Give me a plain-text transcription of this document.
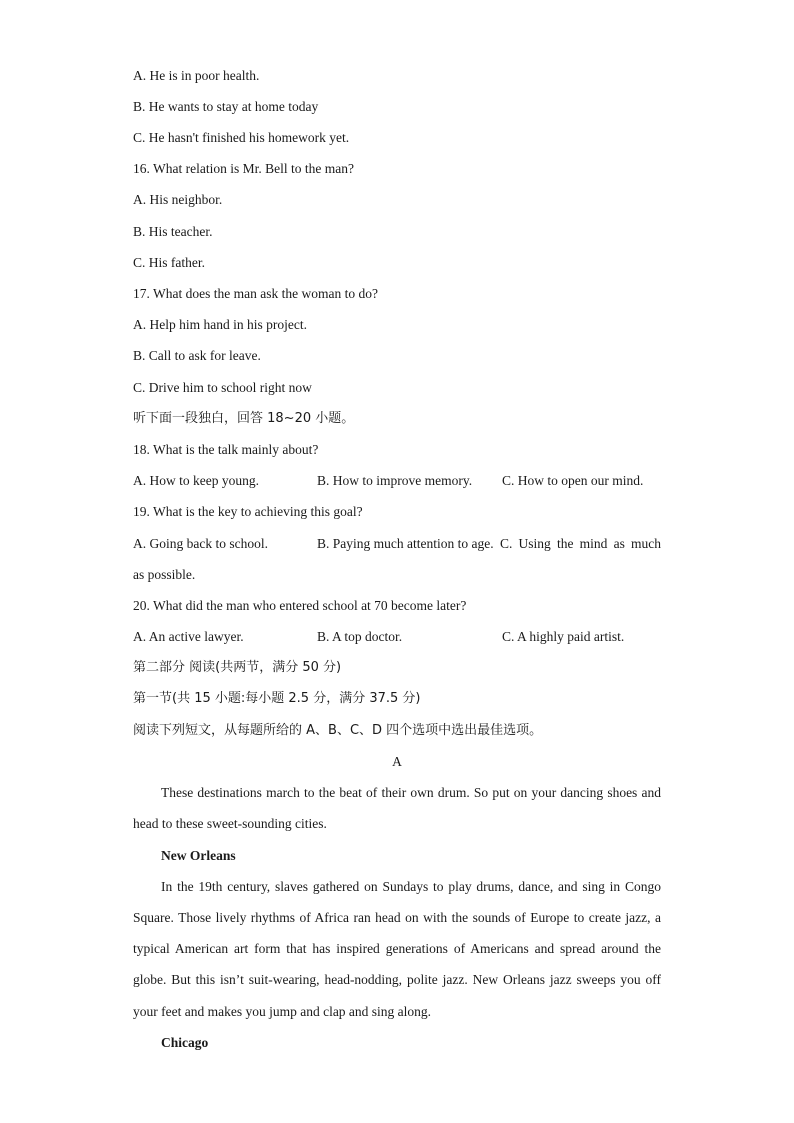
A. He is in poor health.
B. He wants to stay at home today
C. He hasn't finished his homework yet.
16. What relation is Mr. Bell to the man?
A. His neighbor.
B. His teacher.
C. His father.
17. What does the man ask the woman to do?
A. Help him hand in his project.
B. Call to ask for leave.
C. Drive him to school right now
听下面一段独白，回答 18~20 小题。
18. What is the talk mainly about?
A. How to keep young.	B. How to improve memory. C. How to open our mind.
19. What is the key to achieving this goal?
A. Going back to school.	B. Paying much attention to age. C. Using the mind as much
as possible.
20. What did the man who entered school at 70 become later?
A. An active lawyer.	B. A top doctor.	C. A highly paid artist.
第二部分 阅读(共两节，满分 50 分)
第一节(共 15 小题:每小题 2.5 分，满分 37.5 分)
阅读下列短文，从每题所给的 A、B、C、D 四个选项中选出最佳选项。
A
These destinations march to the beat of their own drum. So put on your dancing shoes and
head to these sweet-sounding cities.
New Orleans
In the 19th century, slaves gathered on Sundays to play drums, dance, and sing in Congo
Square. Those lively rhythms of Africa ran head on with the sounds of Europe to create jazz, a
typical American art form that has inspired generations of Americans and spread around the
globe. But this isn’t suit-wearing, head-nodding, polite jazz. New Orleans jazz sweeps you off
your feet and makes you jump and clap and sing along.
Chicago
